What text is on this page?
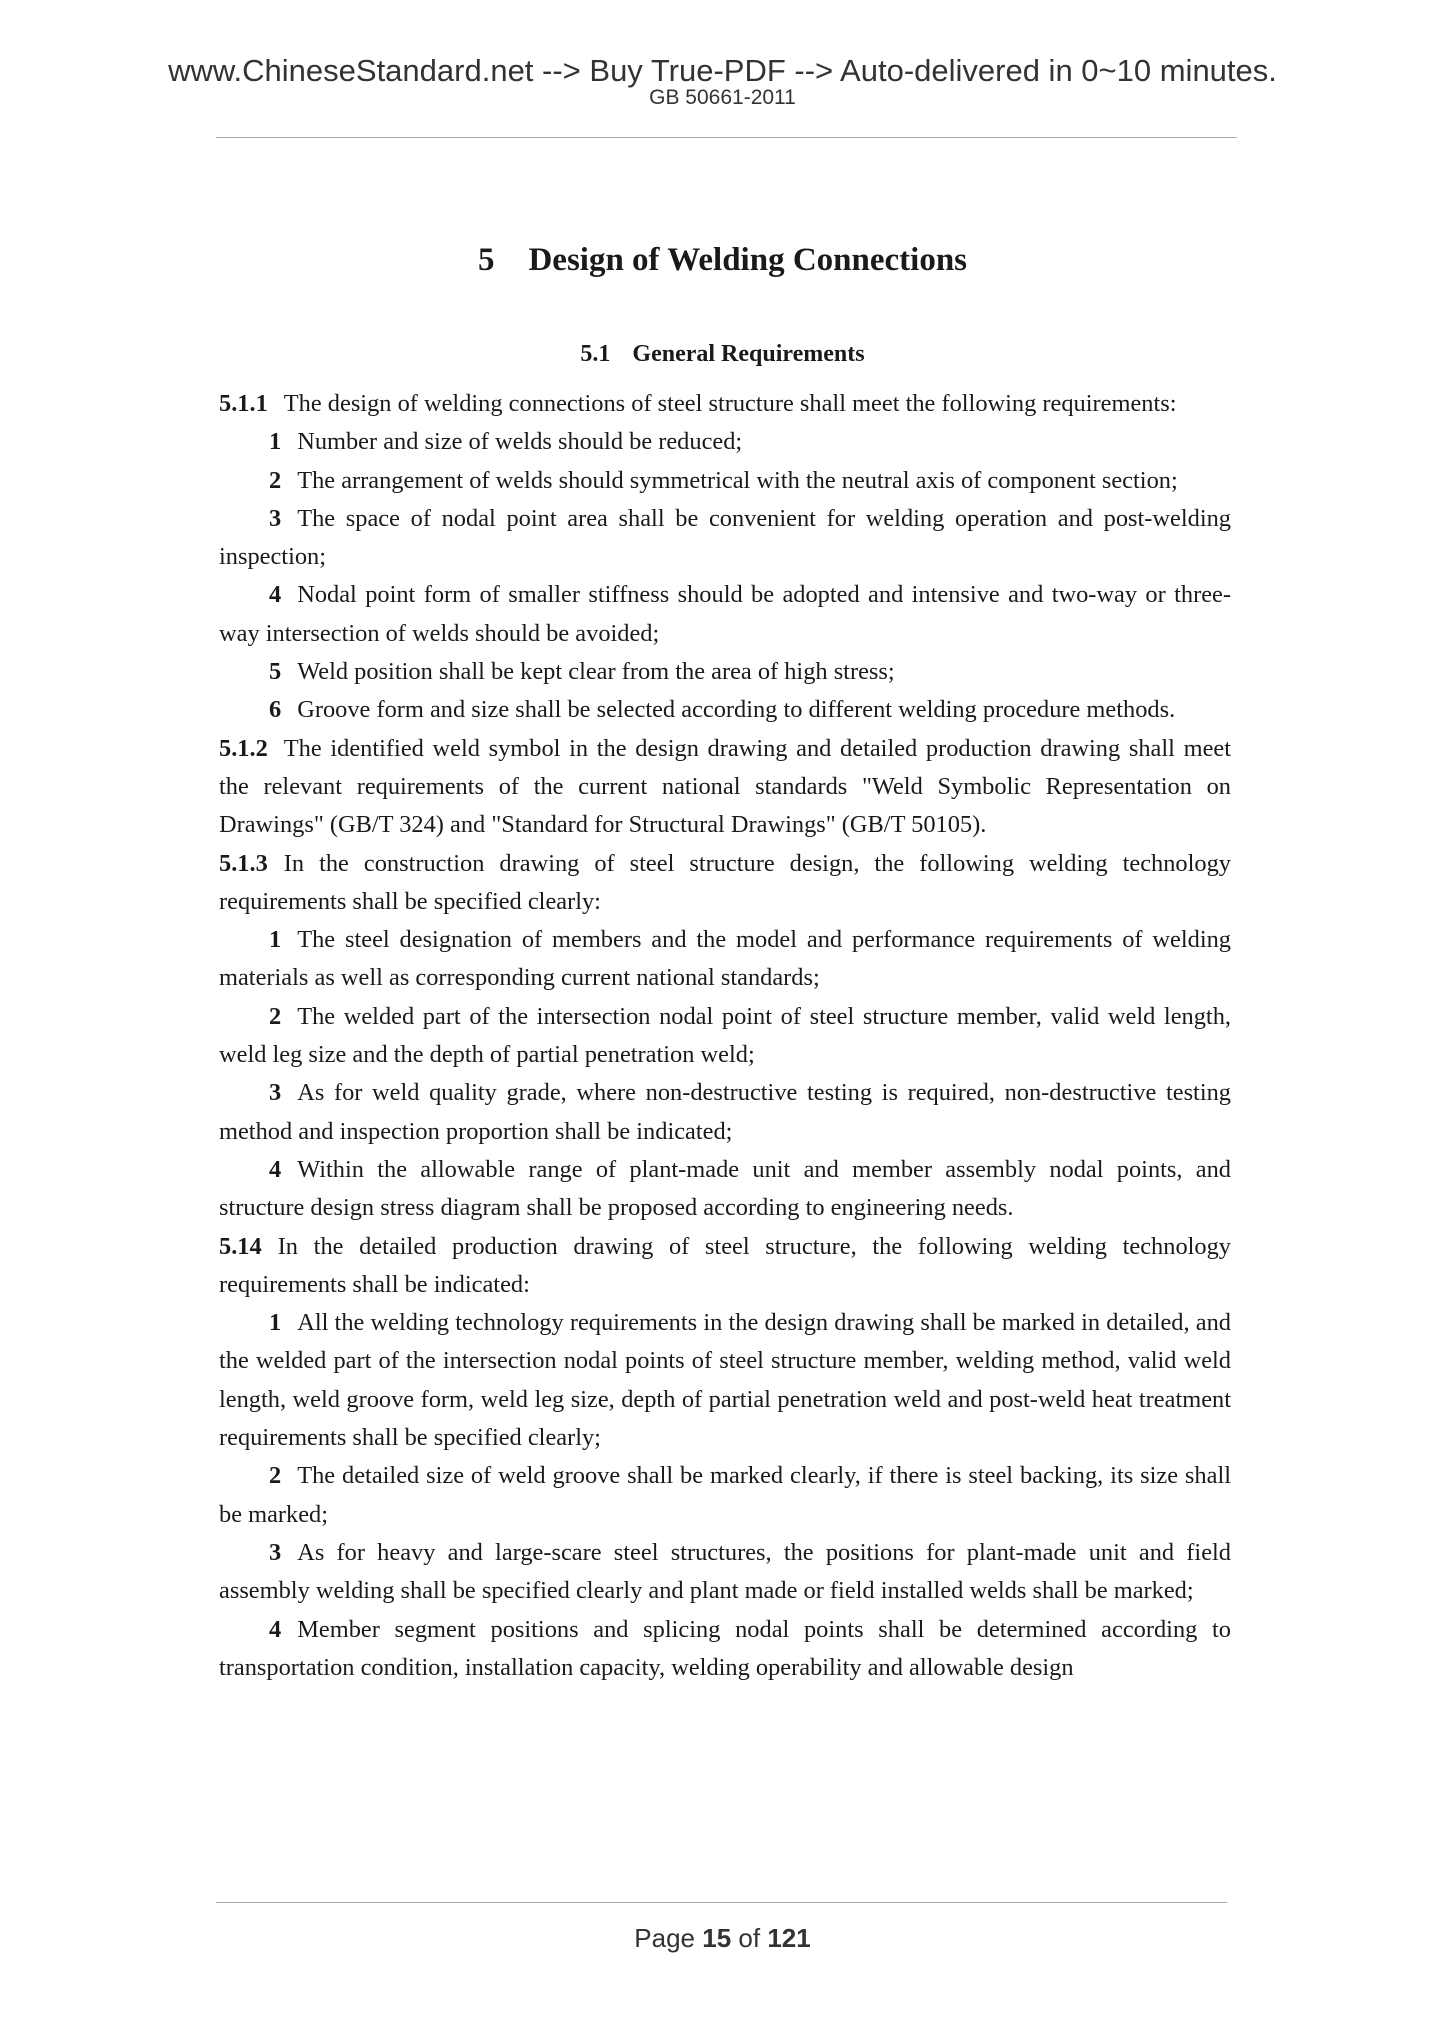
www.ChineseStandard.net --> Buy True-PDF --> Auto-delivered in 0~10 minutes.
GB 50661-2011
5 Design of Welding Connections
5.1 General Requirements

5.1.1 The design of welding connections of steel structure shall meet the following requirements:

1 Number and size of welds should be reduced;

2 The arrangement of welds should symmetrical with the neutral axis of component section;

3 The space of nodal point area shall be convenient for welding operation and post-welding inspection;

4 Nodal point form of smaller stiffness should be adopted and intensive and two-way or three-way intersection of welds should be avoided;

5 Weld position shall be kept clear from the area of high stress;

6 Groove form and size shall be selected according to different welding procedure methods.

5.1.2 The identified weld symbol in the design drawing and detailed production drawing shall meet the relevant requirements of the current national standards "Weld Symbolic Representation on Drawings" (GB/T 324) and "Standard for Structural Drawings" (GB/T 50105).

5.1.3 In the construction drawing of steel structure design, the following welding technology requirements shall be specified clearly:

1 The steel designation of members and the model and performance requirements of welding materials as well as corresponding current national standards;

2 The welded part of the intersection nodal point of steel structure member, valid weld length, weld leg size and the depth of partial penetration weld;

3 As for weld quality grade, where non-destructive testing is required, non-destructive testing method and inspection proportion shall be indicated;

4 Within the allowable range of plant-made unit and member assembly nodal points, and structure design stress diagram shall be proposed according to engineering needs.

5.14 In the detailed production drawing of steel structure, the following welding technology requirements shall be indicated:

1 All the welding technology requirements in the design drawing shall be marked in detailed, and the welded part of the intersection nodal points of steel structure member, welding method, valid weld length, weld groove form, weld leg size, depth of partial penetration weld and post-weld heat treatment requirements shall be specified clearly;

2 The detailed size of weld groove shall be marked clearly, if there is steel backing, its size shall be marked;

3 As for heavy and large-scare steel structures, the positions for plant-made unit and field assembly welding shall be specified clearly and plant made or field installed welds shall be marked;

4 Member segment positions and splicing nodal points shall be determined according to transportation condition, installation capacity, welding operability and allowable design

Page 15 of 121
